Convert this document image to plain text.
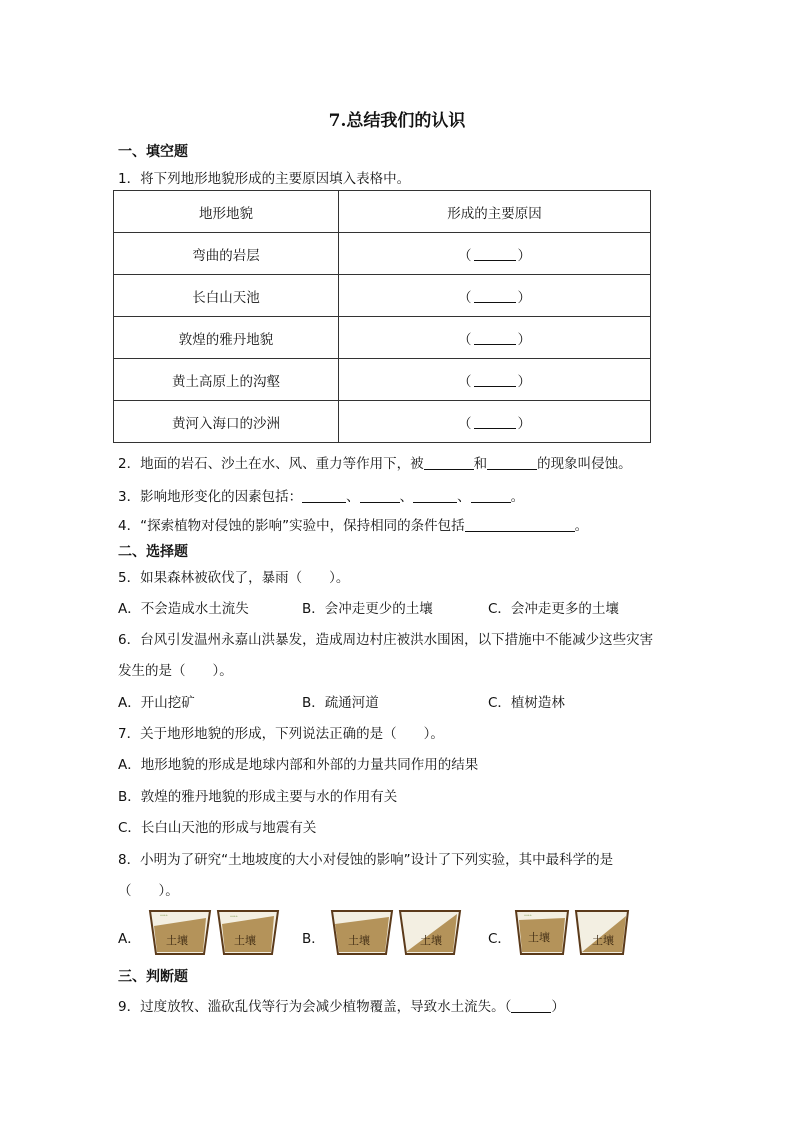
7.总结我们的认识
一、填空题
1．将下列地形地貌形成的主要原因填入表格中。
地形地貌	形成的主要原因
弯曲的岩层	（ ）
长白山天池	（ ）
敦煌的雅丹地貌	（ ）
黄土高原上的沟壑	（ ）
黄河入海口的沙洲	（ ）
2．地面的岩石、沙土在水、风、重力等作用下，被	和	的现象叫侵蚀。
3．影响地形变化的因素包括：	、	、	、	。
4．“探索植物对侵蚀的影响”实验中，保持相同的条件包括	。
二、选择题
5．如果森林被砍伐了，暴雨（　　）。
A．不会造成水土流失	B．会冲走更少的土壤	C．会冲走更多的土壤
6．台风引发温州永嘉山洪暴发，造成周边村庄被洪水围困，以下措施中不能减少这些灾害
发生的是（　　）。
A．开山挖矿	B．疏通河道	C．植树造林
7．关于地形地貌的形成，下列说法正确的是（　　）。
A．地形地貌的形成是地球内部和外部的力量共同作用的结果
B．敦煌的雅丹地貌的形成主要与水的作用有关
C．长白山天池的形成与地震有关
8．小明为了研究“土地坡度的大小对侵蚀的影响”设计了下列实验，其中最科学的是
（　　）。
A．
ᐩᐩᐩᐩ
土壤
ᐩᐩᐩᐩ
土壤	B． 土壤	土壤	C．
ᐩᐩᐩᐩ
土壤	土壤
三、判断题
9．过度放牧、滥砍乱伐等行为会减少植物覆盖，导致水土流失。（	）
